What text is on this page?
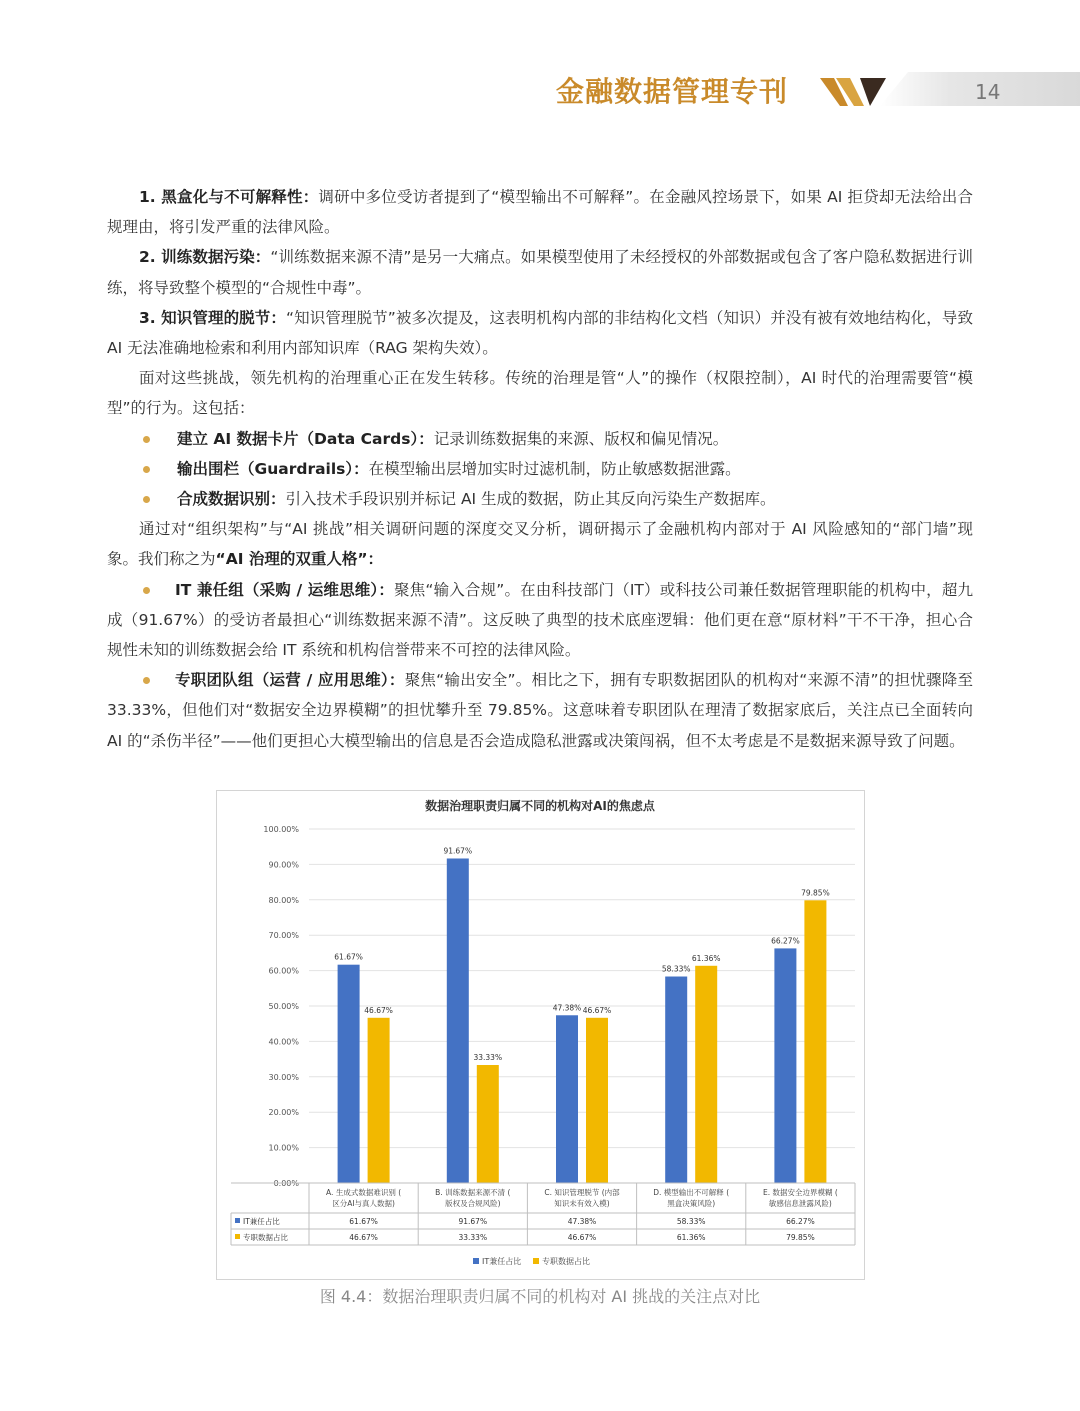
金融数据管理专刊	14

1. 黑盒化与不可解释性：调研中多位受访者提到了“模型输出不可解释”。在金融风控场景下，如果 AI 拒贷却无法给出合规理由，将引发严重的法律风险。

2. 训练数据污染：“训练数据来源不清”是另一大痛点。如果模型使用了未经授权的外部数据或包含了客户隐私数据进行训练，将导致整个模型的“合规性中毒”。

3. 知识管理的脱节：“知识管理脱节”被多次提及，这表明机构内部的非结构化文档（知识）并没有被有效地结构化，导致 AI 无法准确地检索和利用内部知识库（RAG 架构失效）。

面对这些挑战，领先机构的治理重心正在发生转移。传统的治理是管“人”的操作（权限控制），AI 时代的治理需要管“模型”的行为。这包括：

建立 AI 数据卡片（Data Cards）：记录训练数据集的来源、版权和偏见情况。

输出围栏（Guardrails）：在模型输出层增加实时过滤机制，防止敏感数据泄露。

合成数据识别：引入技术手段识别并标记 AI 生成的数据，防止其反向污染生产数据库。

通过对“组织架构”与“AI 挑战”相关调研问题的深度交叉分析，调研揭示了金融机构内部对于 AI 风险感知的“部门墙”现象。我们称之为“AI 治理的双重人格”：

IT 兼任组（采购 / 运维思维）：聚焦“输入合规”。在由科技部门（IT）或科技公司兼任数据管理职能的机构中，超九成（91.67%）的受访者最担心“训练数据来源不清”。这反映了典型的技术底座逻辑：他们更在意“原材料”干不干净，担心合规性未知的训练数据会给 IT 系统和机构信誉带来不可控的法律风险。

专职团队组（运营 / 应用思维）：聚焦“输出安全”。相比之下，拥有专职数据团队的机构对“来源不清”的担忧骤降至 33.33%，但他们对“数据安全边界模糊”的担忧攀升至 79.85%。这意味着专职团队在理清了数据家底后，关注点已全面转向 AI 的“杀伤半径”——他们更担心大模型输出的信息是否会造成隐私泄露或决策闯祸，但不太考虑是不是数据来源导致了问题。

数据治理职责归属不同的机构对AI的焦虑点
0.00%
10.00%
20.00%
30.00%
40.00%
50.00%
60.00%
70.00%
80.00%
90.00%
100.00%
61.67%
46.67%
91.67%
33.33%
47.38% 46.67%
58.33%
61.36%
66.27%
79.85%
A. 生成式数据难识别 (
区分AI与真人数据)
61.67%
46.67%
B. 训练数据来源不清 (
版权及合规风险)
91.67%
33.33%
C. 知识管理脱节 (内部
知识未有效入模)
47.38%
46.67%
D. 模型输出不可解释 (
黑盒决策风险)
58.33%
61.36%
E. 数据安全边界模糊 (
敏感信息泄露风险)
66.27%
79.85%
IT兼任占比
专职数据占比
IT兼任占比	专职数据占比
图 4.4：数据治理职责归属不同的机构对 AI 挑战的关注点对比
